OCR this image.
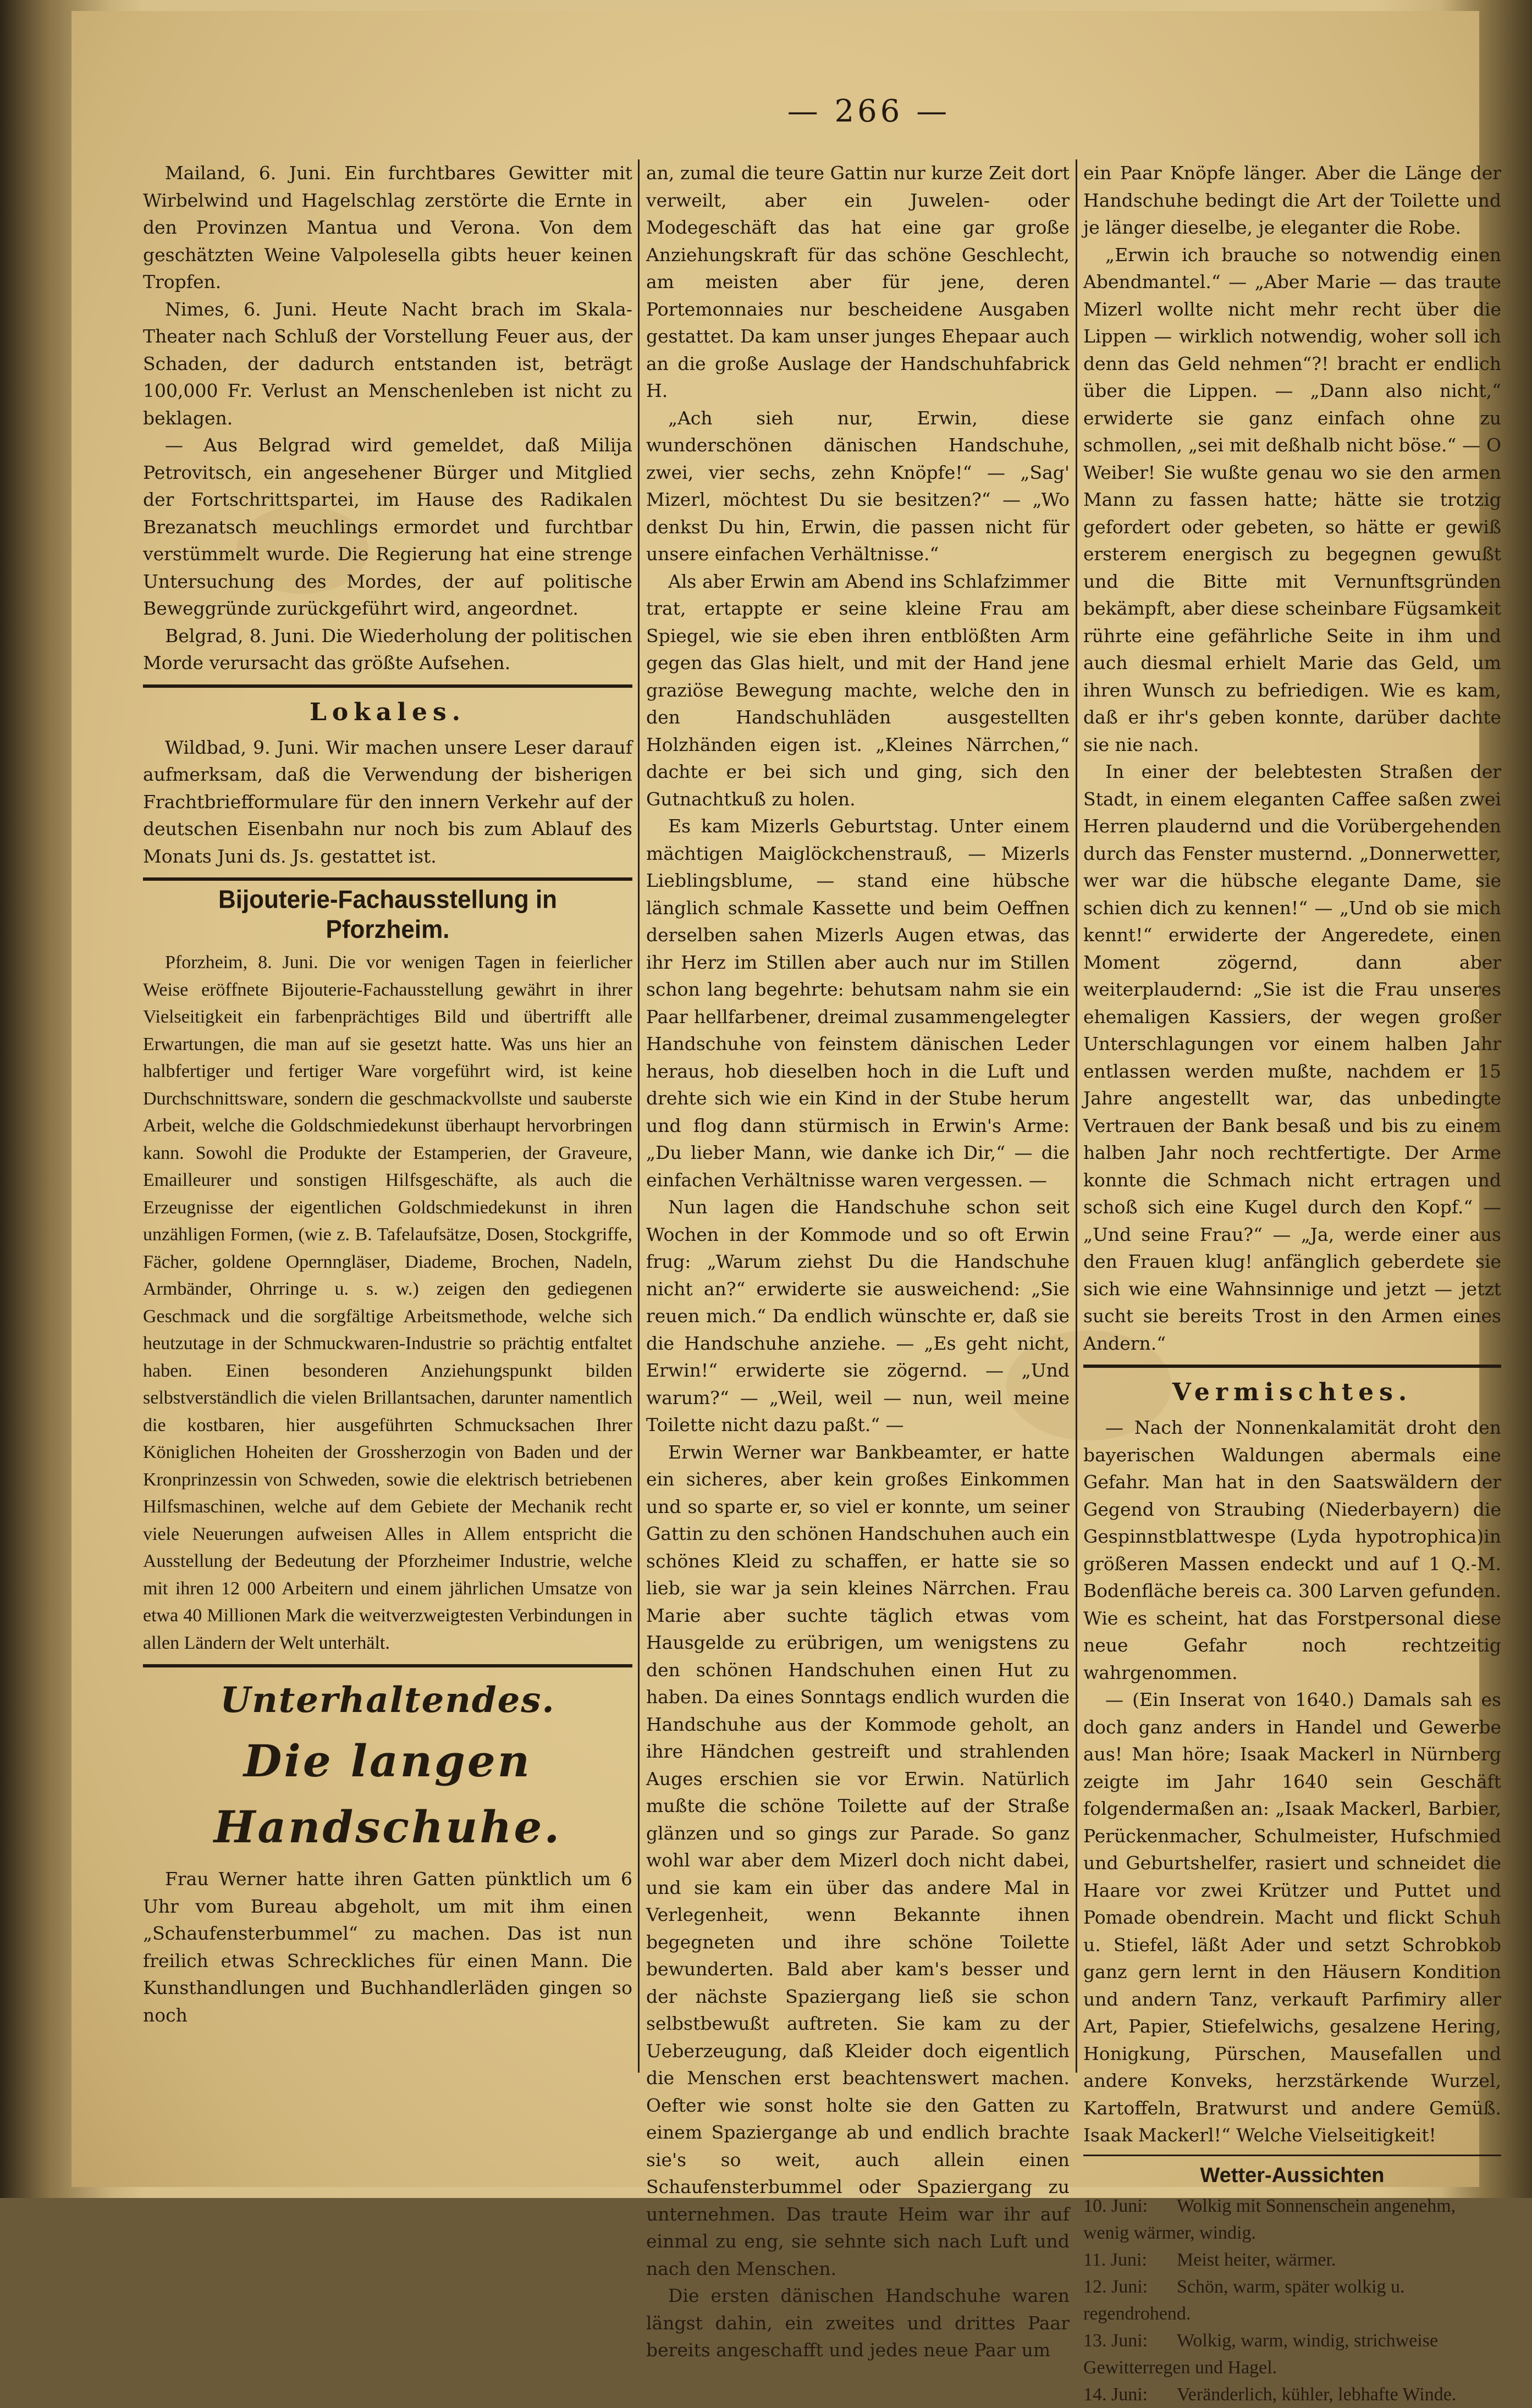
— 266 —

Mailand, 6. Juni. Ein furchtbares Gewitter mit Wirbelwind und Hagelschlag zerstörte die Ernte in den Provinzen Mantua und Verona. Von dem geschätzten Weine Valpolesella gibts heuer keinen Tropfen.

Nimes, 6. Juni. Heute Nacht brach im Skala-Theater nach Schluß der Vorstellung Feuer aus, der Schaden, der dadurch entstanden ist, beträgt 100,000 Fr. Verlust an Menschenleben ist nicht zu beklagen.

— Aus Belgrad wird gemeldet, daß Milija Petrovitsch, ein angesehener Bürger und Mitglied der Fortschrittspartei, im Hause des Radikalen Brezanatsch meuchlings ermordet und furchtbar verstümmelt wurde. Die Regierung hat eine strenge Untersuchung des Mordes, der auf politische Beweggründe zurückgeführt wird, angeordnet.

Belgrad, 8. Juni. Die Wiederholung der politischen Morde verursacht das größte Aufsehen.

Lokales.

Wildbad, 9. Juni. Wir machen unsere Leser darauf aufmerksam, daß die Verwendung der bisherigen Frachtbriefformulare für den innern Verkehr auf der deutschen Eisenbahn nur noch bis zum Ablauf des Monats Juni ds. Js. gestattet ist.

Bijouterie-Fachausstellung in
Pforzheim.

Pforzheim, 8. Juni. Die vor wenigen Tagen in feierlicher Weise eröffnete Bijouterie-Fachausstellung gewährt in ihrer Vielseitigkeit ein farbenprächtiges Bild und übertrifft alle Erwartungen, die man auf sie gesetzt hatte. Was uns hier an halbfertiger und fertiger Ware vorgeführt wird, ist keine Durchschnittsware, sondern die geschmackvollste und sauberste Arbeit, welche die Goldschmiedekunst überhaupt hervorbringen kann. Sowohl die Produkte der Estamperien, der Graveure, Emailleurer und sonstigen Hilfsgeschäfte, als auch die Erzeugnisse der eigentlichen Goldschmiedekunst in ihren unzähligen Formen, (wie z. B. Tafelaufsätze, Dosen, Stockgriffe, Fächer, goldene Opernngläser, Diademe, Brochen, Nadeln, Armbänder, Ohrringe u. s. w.) zeigen den gediegenen Geschmack und die sorgfältige Arbeitsmethode, welche sich heutzutage in der Schmuckwaren-Industrie so prächtig entfaltet haben. Einen besonderen Anziehungspunkt bilden selbstverständlich die vielen Brillantsachen, darunter namentlich die kostbaren, hier ausgeführten Schmucksachen Ihrer Königlichen Hoheiten der Grossherzogin von Baden und der Kronprinzessin von Schweden, sowie die elektrisch betriebenen Hilfsmaschinen, welche auf dem Gebiete der Mechanik recht viele Neuerungen aufweisen Alles in Allem entspricht die Ausstellung der Bedeutung der Pforzheimer Industrie, welche mit ihren 12 000 Arbeitern und einem jährlichen Umsatze von etwa 40 Millionen Mark die weitverzweigtesten Verbindungen in allen Ländern der Welt unterhält.

Unterhaltendes.
Die langen Handschuhe.

Frau Werner hatte ihren Gatten pünktlich um 6 Uhr vom Bureau abgeholt, um mit ihm einen „Schaufensterbummel“ zu machen. Das ist nun freilich etwas Schreckliches für einen Mann. Die Kunsthandlungen und Buchhandlerläden gingen so noch

an, zumal die teure Gattin nur kurze Zeit dort verweilt, aber ein Juwelen- oder Modegeschäft das hat eine gar große Anziehungskraft für das schöne Geschlecht, am meisten aber für jene, deren Portemonnaies nur bescheidene Ausgaben gestattet. Da kam unser junges Ehepaar auch an die große Auslage der Handschuhfabrick H.

„Ach sieh nur, Erwin, diese wunderschönen dänischen Handschuhe, zwei, vier sechs, zehn Knöpfe!“ — „Sag' Mizerl, möchtest Du sie besitzen?“ — „Wo denkst Du hin, Erwin, die passen nicht für unsere einfachen Verhältnisse.“

Als aber Erwin am Abend ins Schlafzimmer trat, ertappte er seine kleine Frau am Spiegel, wie sie eben ihren entblößten Arm gegen das Glas hielt, und mit der Hand jene graziöse Bewegung machte, welche den in den Handschuhläden ausgestellten Holzhänden eigen ist. „Kleines Närrchen,“ dachte er bei sich und ging, sich den Gutnachtkuß zu holen.

Es kam Mizerls Geburtstag. Unter einem mächtigen Maiglöckchenstrauß, — Mizerls Lieblingsblume, — stand eine hübsche länglich schmale Kassette und beim Oeffnen derselben sahen Mizerls Augen etwas, das ihr Herz im Stillen aber auch nur im Stillen schon lang begehrte: behutsam nahm sie ein Paar hellfarbener, dreimal zusammengelegter Handschuhe von feinstem dänischen Leder heraus, hob dieselben hoch in die Luft und drehte sich wie ein Kind in der Stube herum und flog dann stürmisch in Erwin's Arme: „Du lieber Mann, wie danke ich Dir,“ — die einfachen Verhältnisse waren vergessen. —

Nun lagen die Handschuhe schon seit Wochen in der Kommode und so oft Erwin frug: „Warum ziehst Du die Handschuhe nicht an?“ erwiderte sie ausweichend: „Sie reuen mich.“ Da endlich wünschte er, daß sie die Handschuhe anziehe. — „Es geht nicht, Erwin!“ erwiderte sie zögernd. — „Und warum?“ — „Weil, weil — nun, weil meine Toilette nicht dazu paßt.“ —

Erwin Werner war Bankbeamter, er hatte ein sicheres, aber kein großes Einkommen und so sparte er, so viel er konnte, um seiner Gattin zu den schönen Handschuhen auch ein schönes Kleid zu schaffen, er hatte sie so lieb, sie war ja sein kleines Närrchen. Frau Marie aber suchte täglich etwas vom Hausgelde zu erübrigen, um wenigstens zu den schönen Handschuhen einen Hut zu haben. Da eines Sonntags endlich wurden die Handschuhe aus der Kommode geholt, an ihre Händchen gestreift und strahlenden Auges erschien sie vor Erwin. Natürlich mußte die schöne Toilette auf der Straße glänzen und so gings zur Parade. So ganz wohl war aber dem Mizerl doch nicht dabei, und sie kam ein über das andere Mal in Verlegenheit, wenn Bekannte ihnen begegneten und ihre schöne Toilette bewunderten. Bald aber kam's besser und der nächste Spaziergang ließ sie schon selbstbewußt auftreten. Sie kam zu der Ueberzeugung, daß Kleider doch eigentlich die Menschen erst beachtenswert machen. Oefter wie sonst holte sie den Gatten zu einem Spaziergange ab und endlich brachte sie's so weit, auch allein einen Schaufensterbummel oder Spaziergang zu unternehmen. Das traute Heim war ihr auf einmal zu eng, sie sehnte sich nach Luft und nach den Menschen.

Die ersten dänischen Handschuhe waren längst dahin, ein zweites und drittes Paar bereits angeschafft und jedes neue Paar um

ein Paar Knöpfe länger. Aber die Länge der Handschuhe bedingt die Art der Toilette und je länger dieselbe, je eleganter die Robe.

„Erwin ich brauche so notwendig einen Abendmantel.“ — „Aber Marie — das traute Mizerl wollte nicht mehr recht über die Lippen — wirklich notwendig, woher soll ich denn das Geld nehmen“?! bracht er endlich über die Lippen. — „Dann also nicht,“ erwiderte sie ganz einfach ohne zu schmollen, „sei mit deßhalb nicht böse.“ — O Weiber! Sie wußte genau wo sie den armen Mann zu fassen hatte; hätte sie trotzig gefordert oder gebeten, so hätte er gewiß ersterem energisch zu begegnen gewußt und die Bitte mit Vernunftsgründen bekämpft, aber diese scheinbare Fügsamkeit rührte eine gefährliche Seite in ihm und auch diesmal erhielt Marie das Geld, um ihren Wunsch zu befriedigen. Wie es kam, daß er ihr's geben konnte, darüber dachte sie nie nach.

In einer der belebtesten Straßen der Stadt, in einem eleganten Caffee saßen zwei Herren plaudernd und die Vorübergehenden durch das Fenster musternd. „Donnerwetter, wer war die hübsche elegante Dame, sie schien dich zu kennen!“ — „Und ob sie mich kennt!“ erwiderte der Angeredete, einen Moment zögernd, dann aber weiterplaudernd: „Sie ist die Frau unseres ehemaligen Kassiers, der wegen großer Unterschlagungen vor einem halben Jahr entlassen werden mußte, nachdem er 15 Jahre angestellt war, das unbedingte Vertrauen der Bank besaß und bis zu einem halben Jahr noch rechtfertigte. Der Arme konnte die Schmach nicht ertragen und schoß sich eine Kugel durch den Kopf.“ — „Und seine Frau?“ — „Ja, werde einer aus den Frauen klug! anfänglich geberdete sie sich wie eine Wahnsinnige und jetzt — jetzt sucht sie bereits Trost in den Armen eines Andern.“

Vermischtes.

— Nach der Nonnenkalamität droht den bayerischen Waldungen abermals eine Gefahr. Man hat in den Saatswäldern der Gegend von Straubing (Niederbayern) die Gespinnstblattwespe (Lyda hypotrophica)in größeren Massen endeckt und auf 1 Q.-M. Bodenfläche bereis ca. 300 Larven gefunden. Wie es scheint, hat das Forstpersonal diese neue Gefahr noch rechtzeitig wahrgenommen.

— (Ein Inserat von 1640.) Damals sah es doch ganz anders in Handel und Gewerbe aus! Man höre; Isaak Mackerl in Nürnberg zeigte im Jahr 1640 sein Geschäft folgendermaßen an: „Isaak Mackerl, Barbier, Perückenmacher, Schulmeister, Hufschmied und Geburtshelfer, rasiert und schneidet die Haare vor zwei Krützer und Puttet und Pomade obendrein. Macht und flickt Schuh u. Stiefel, läßt Ader und setzt Schrobkob ganz gern lernt in den Häusern Kondition und andern Tanz, verkauft Parfimiry aller Art, Papier, Stiefelwichs, gesalzene Hering, Honigkung, Pürschen, Mausefallen und andere Konveks, herzstärkende Wurzel, Kartoffeln, Bratwurst und andere Gemüß. Isaak Mackerl!“ Welche Vielseitigkeit!

Wetter-Aussichten
10. Juni: Wolkig mit Sonnenschein angenehm, wenig wärmer, windig.
11. Juni: Meist heiter, wärmer.
12. Juni: Schön, warm, später wolkig u. regendrohend.
13. Juni: Wolkig, warm, windig, strichweise Gewitterregen und Hagel.
14. Juni: Veränderlich, kühler, lebhafte Winde.
